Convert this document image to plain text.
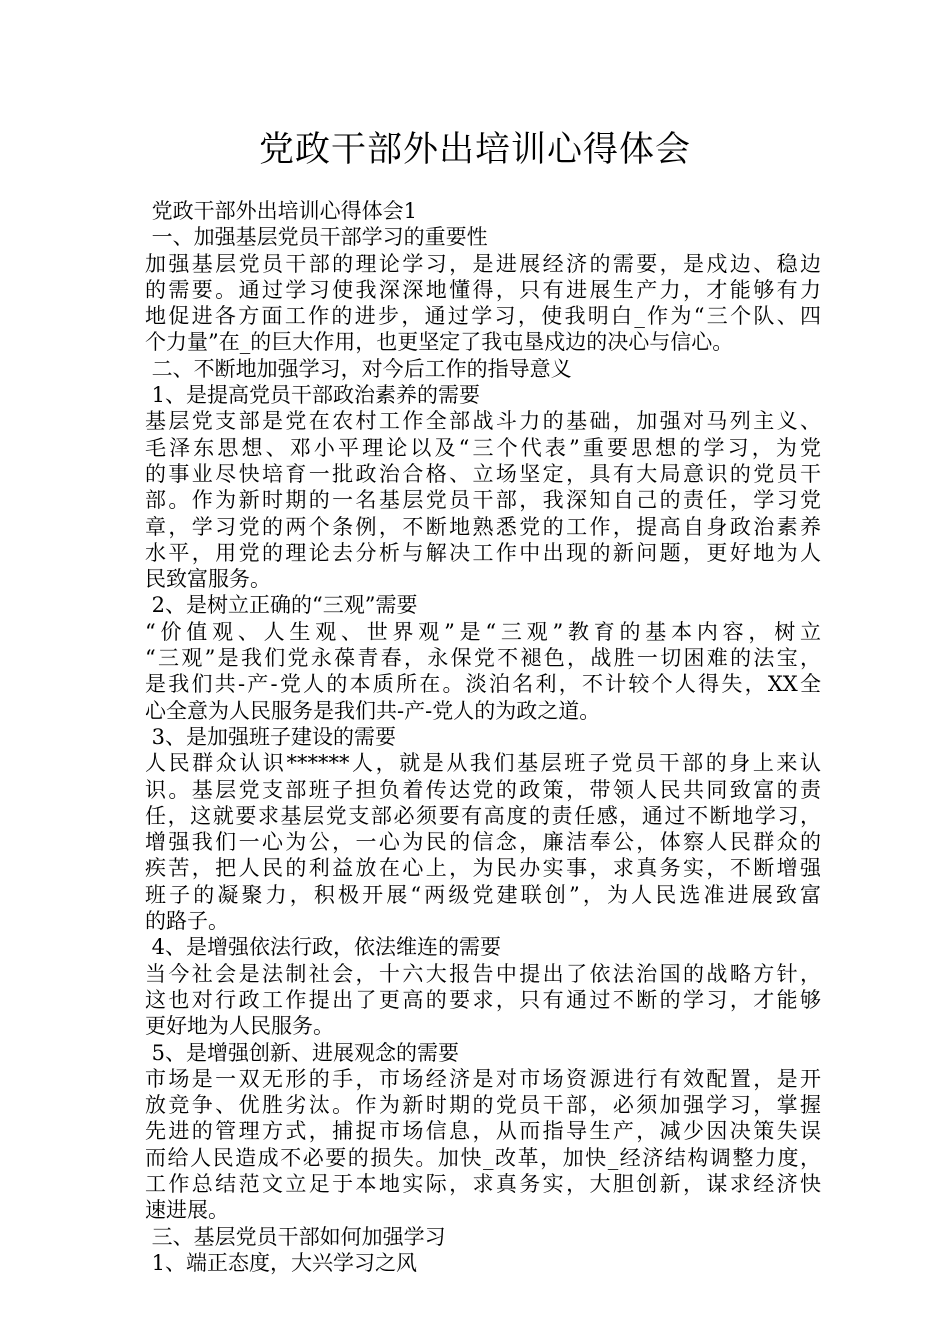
党政干部外出培训心得体会
党政干部外出培训心得体会1
一、加强基层党员干部学习的重要性
加强基层党员干部的理论学习，是进展经济的需要，是戍边、稳边
的需要。通过学习使我深深地懂得，只有进展生产力，才能够有力
地促进各方面工作的进步，通过学习，使我明白_作为“三个队、四
个力量”在_的巨大作用，也更坚定了我屯垦戍边的决心与信心。
二、不断地加强学习，对今后工作的指导意义
1、是提高党员干部政治素养的需要
基层党支部是党在农村工作全部战斗力的基础，加强对马列主义、
毛泽东思想、邓小平理论以及“三个代表”重要思想的学习，为党
的事业尽快培育一批政治合格、立场坚定，具有大局意识的党员干
部。作为新时期的一名基层党员干部，我深知自己的责任，学习党
章，学习党的两个条例，不断地熟悉党的工作，提高自身政治素养
水平，用党的理论去分析与解决工作中出现的新问题，更好地为人
民致富服务。
2、是树立正确的“三观”需要
“价值观、人生观、世界观”是“三观”教育的基本内容，树立
“三观”是我们党永葆青春，永保党不褪色，战胜一切困难的法宝，
是我们共-产-党人的本质所在。淡泊名利，不计较个人得失，XX全
心全意为人民服务是我们共-产-党人的为政之道。
3、是加强班子建设的需要
人民群众认识******人，就是从我们基层班子党员干部的身上来认
识。基层党支部班子担负着传达党的政策，带领人民共同致富的责
任，这就要求基层党支部必须要有高度的责任感，通过不断地学习，
增强我们一心为公，一心为民的信念，廉洁奉公，体察人民群众的
疾苦，把人民的利益放在心上，为民办实事，求真务实，不断增强
班子的凝聚力，积极开展“两级党建联创”，为人民选准进展致富
的路子。
4、是增强依法行政，依法维连的需要
当今社会是法制社会，十六大报告中提出了依法治国的战略方针，
这也对行政工作提出了更高的要求，只有通过不断的学习，才能够
更好地为人民服务。
5、是增强创新、进展观念的需要
市场是一双无形的手，市场经济是对市场资源进行有效配置，是开
放竞争、优胜劣汰。作为新时期的党员干部，必须加强学习，掌握
先进的管理方式，捕捉市场信息，从而指导生产，减少因决策失误
而给人民造成不必要的损失。加快_改革，加快_经济结构调整力度，
工作总结范文立足于本地实际，求真务实，大胆创新，谋求经济快
速进展。
三、基层党员干部如何加强学习
1、端正态度，大兴学习之风
